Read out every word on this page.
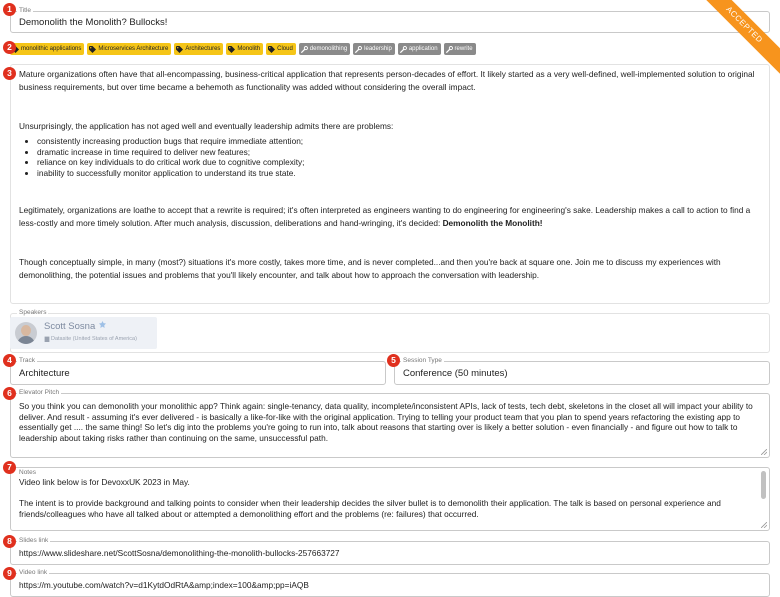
ACCEPTED
1
2
3
4	5
6
7
8
9
Title
Demonolith the Monolith? Bullocks!
monolithic applications	Microservices Architecture	Architectures	Monolith	Cloud	demonolithing	leadership	application	rewrite

Mature organizations often have that all-encompassing, business-critical application that represents person-decades of effort. It likely started as a very well-defined, well-implemented solution to original business requirements, but over time became a behemoth as functionality was added without considering the overall impact.

Unsurprisingly, the application has not aged well and eventually leadership admits there are problems:

• consistently increasing production bugs that require immediate attention;
• dramatic increase in time required to deliver new features;
• reliance on key individuals to do critical work due to cognitive complexity;
• inability to successfully monitor application to understand its true state.

Legitimately, organizations are loathe to accept that a rewrite is required; it's often interpreted as engineers wanting to do engineering for engineering's sake. Leadership makes a call to action to find a less-costly and more timely solution. After much analysis, discussion, deliberations and hand-wringing, it's decided: Demonolith the Monolith!

Though conceptually simple, in many (most?) situations it's more costly, takes more time, and is never completed...and then you're back at square one. Join me to discuss my experiences with demonolithing, the potential issues and problems that you'll likely encounter, and talk about how to approach the conversation with leadership.

Speakers
Scott Sosna
Datasite (United States of America)
Track
Architecture
Session Type
Conference (50 minutes)
Elevator Pitch
So you think you can demonolith your monolithic app? Think again: single-tenancy, data quality, incomplete/inconsistent APIs, lack of tests, tech debt, skeletons in the closet all will impact your ability to deliver. And result - assuming it's ever delivered - is basically a like-for-like with the original application. Trying to telling your product team that you plan to spend years refactoring the existing app to essentially get .... the same thing! So let's dig into the problems you're going to run into, talk about reasons that starting over is likely a better solution - even financially - and figure out how to talk to leadership about taking risks rather than continuing on the same, unsuccessful path.
Notes
Video link below is for DevoxxUK 2023 in May.
The intent is to provide background and talking points to consider when their leadership decides the silver bullet is to demonolith their application. The talk is based on personal experience and friends/colleagues who have all talked about or attempted a demonolithing effort and the problems (re: failures) that occurred.
Slides link
https://www.slideshare.net/ScottSosna/demonolithing-the-monolith-bullocks-257663727
Video link
https://m.youtube.com/watch?v=d1KytdOdRtA&amp;index=100&amp;pp=iAQB
